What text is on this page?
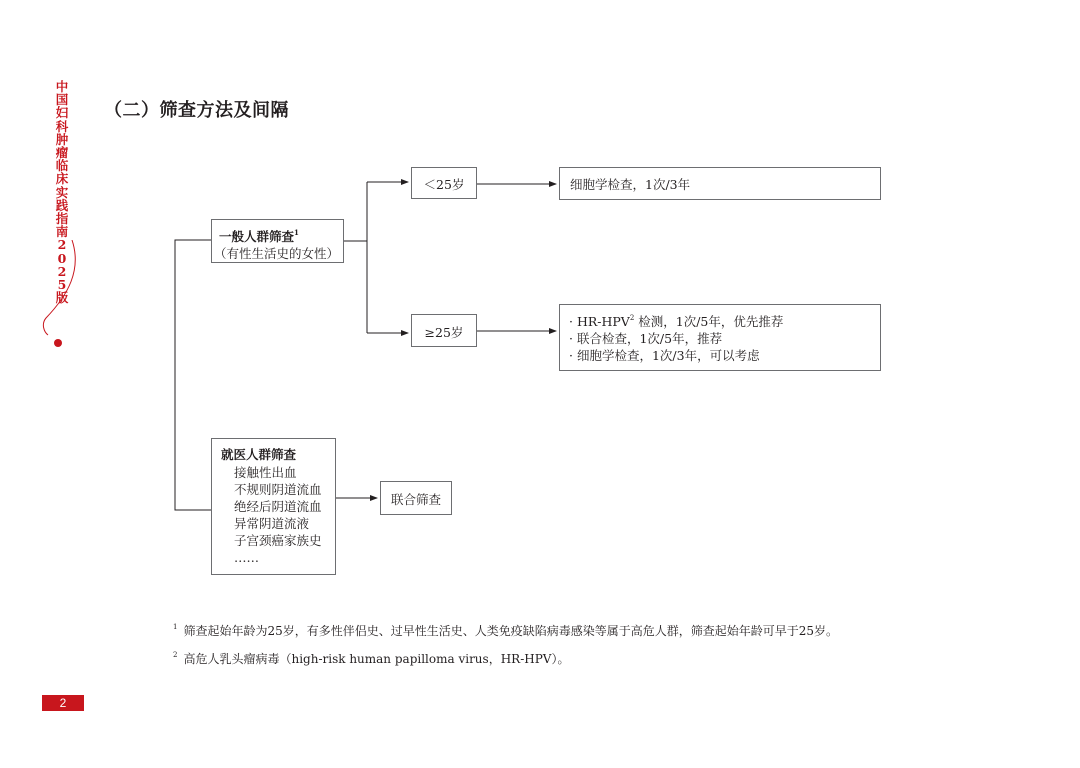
中国妇科肿瘤临床实践指南2025版
（二）筛查方法及间隔
一般人群筛查$^1$
（有性生活史的女性）
＜25岁	细胞学检查，1次/3年
≥25岁
· $HR-HPV^2$ 检测，1次/5年，优先推荐
· 联合检查，1次/5年，推荐
· 细胞学检查，1次/3年，可以考虑
就医人群筛查
接触性出血
不规则阴道流血
绝经后阴道流血
异常阴道流液
子宫颈癌家族史
……
联合筛查

$^1$ 筛查起始年龄为25岁，有多性伴侣史、过早性生活史、人类免疫缺陷病毒感染等属于高危人群，筛查起始年龄可早于25岁。

$^2$ 高危人乳头瘤病毒（high-risk human papilloma virus，HR-HPV）。

2
